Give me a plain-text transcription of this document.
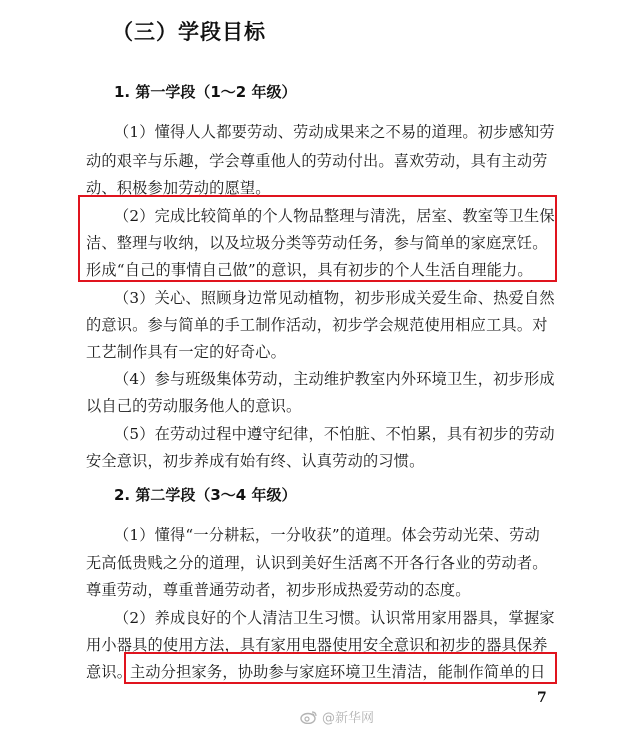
（三）学段目标
1. 第一学段（1～2 年级）
（1）懂得人人都要劳动、劳动成果来之不易的道理。初步感知劳
动的艰辛与乐趣，学会尊重他人的劳动付出。喜欢劳动，具有主动劳
动、积极参加劳动的愿望。
（2）完成比较简单的个人物品整理与清洗，居室、教室等卫生保
洁、整理与收纳，以及垃圾分类等劳动任务，参与简单的家庭烹饪。
形成“自己的事情自己做”的意识，具有初步的个人生活自理能力。
（3）关心、照顾身边常见动植物，初步形成关爱生命、热爱自然
的意识。参与简单的手工制作活动，初步学会规范使用相应工具。对
工艺制作具有一定的好奇心。
（4）参与班级集体劳动，主动维护教室内外环境卫生，初步形成
以自己的劳动服务他人的意识。
（5）在劳动过程中遵守纪律，不怕脏、不怕累，具有初步的劳动
安全意识，初步养成有始有终、认真劳动的习惯。
2. 第二学段（3～4 年级）
（1）懂得“一分耕耘，一分收获”的道理。体会劳动光荣、劳动
无高低贵贱之分的道理，认识到美好生活离不开各行各业的劳动者。
尊重劳动，尊重普通劳动者，初步形成热爱劳动的态度。
（2）养成良好的个人清洁卫生习惯。认识常用家用器具，掌握家
用小器具的使用方法，具有家用电器使用安全意识和初步的器具保养
意识。
主动分担家务，协助参与家庭环境卫生清洁，能制作简单的日
7
@新华网
